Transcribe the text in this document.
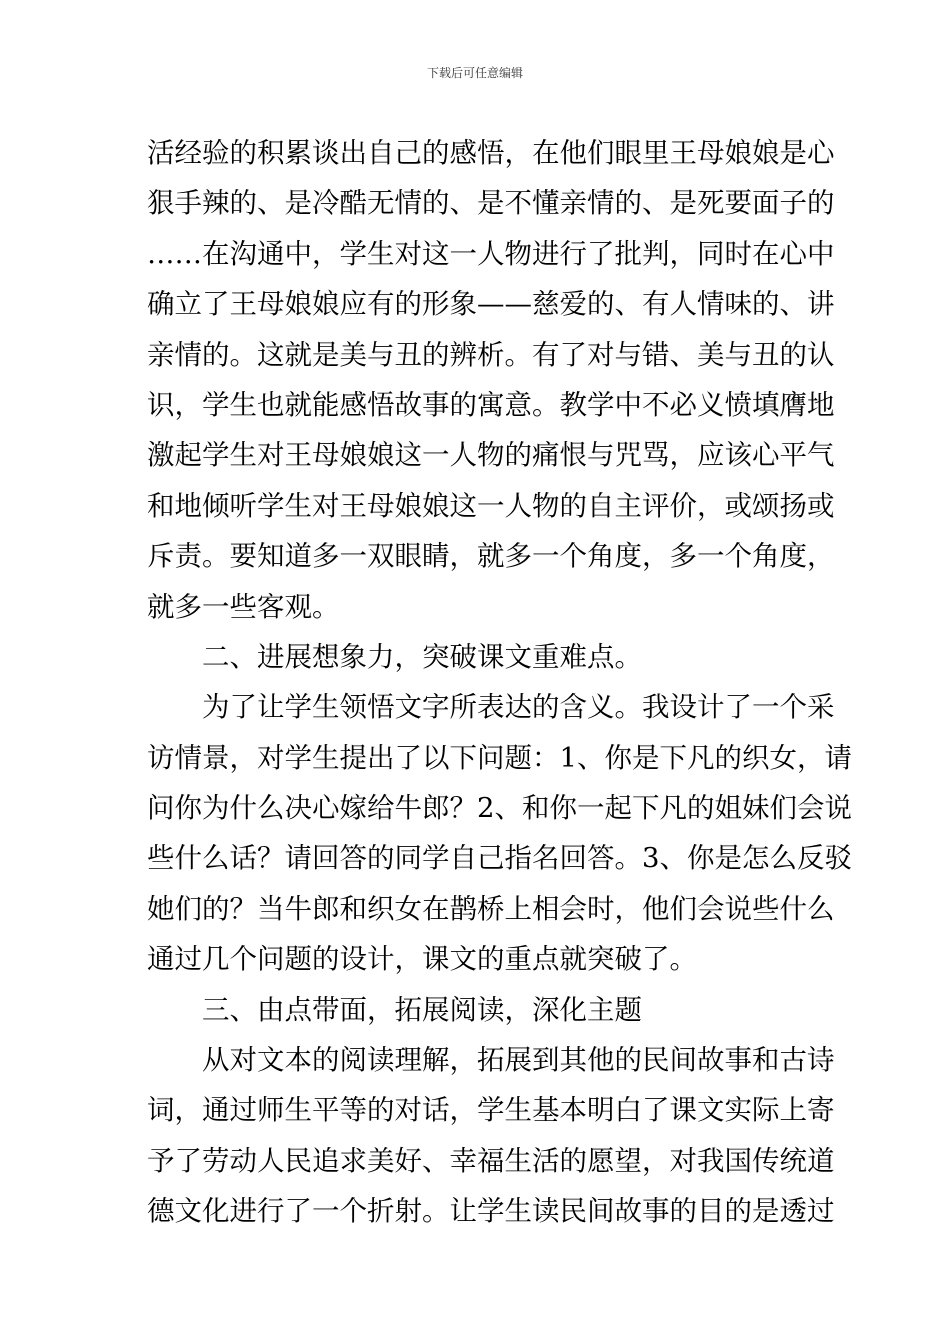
下载后可任意编辑
活经验的积累谈出自己的感悟，在他们眼里王母娘娘是心
狠手辣的、是冷酷无情的、是不懂亲情的、是死要面子的
……在沟通中，学生对这一人物进行了批判，同时在心中
确立了王母娘娘应有的形象——慈爱的、有人情味的、讲
亲情的。这就是美与丑的辨析。有了对与错、美与丑的认
识，学生也就能感悟故事的寓意。教学中不必义愤填膺地
激起学生对王母娘娘这一人物的痛恨与咒骂，应该心平气
和地倾听学生对王母娘娘这一人物的自主评价，或颂扬或
斥责。要知道多一双眼睛，就多一个角度，多一个角度，
就多一些客观。
二、进展想象力，突破课文重难点。
为了让学生领悟文字所表达的含义。我设计了一个采
访情景，对学生提出了以下问题：1、你是下凡的织女，请
问你为什么决心嫁给牛郎？2、和你一起下凡的姐妹们会说
些什么话？请回答的同学自己指名回答。3、你是怎么反驳
她们的？当牛郎和织女在鹊桥上相会时，他们会说些什么
通过几个问题的设计，课文的重点就突破了。
三、由点带面，拓展阅读，深化主题
从对文本的阅读理解，拓展到其他的民间故事和古诗
词，通过师生平等的对话，学生基本明白了课文实际上寄
予了劳动人民追求美好、幸福生活的愿望，对我国传统道
德文化进行了一个折射。让学生读民间故事的目的是透过
